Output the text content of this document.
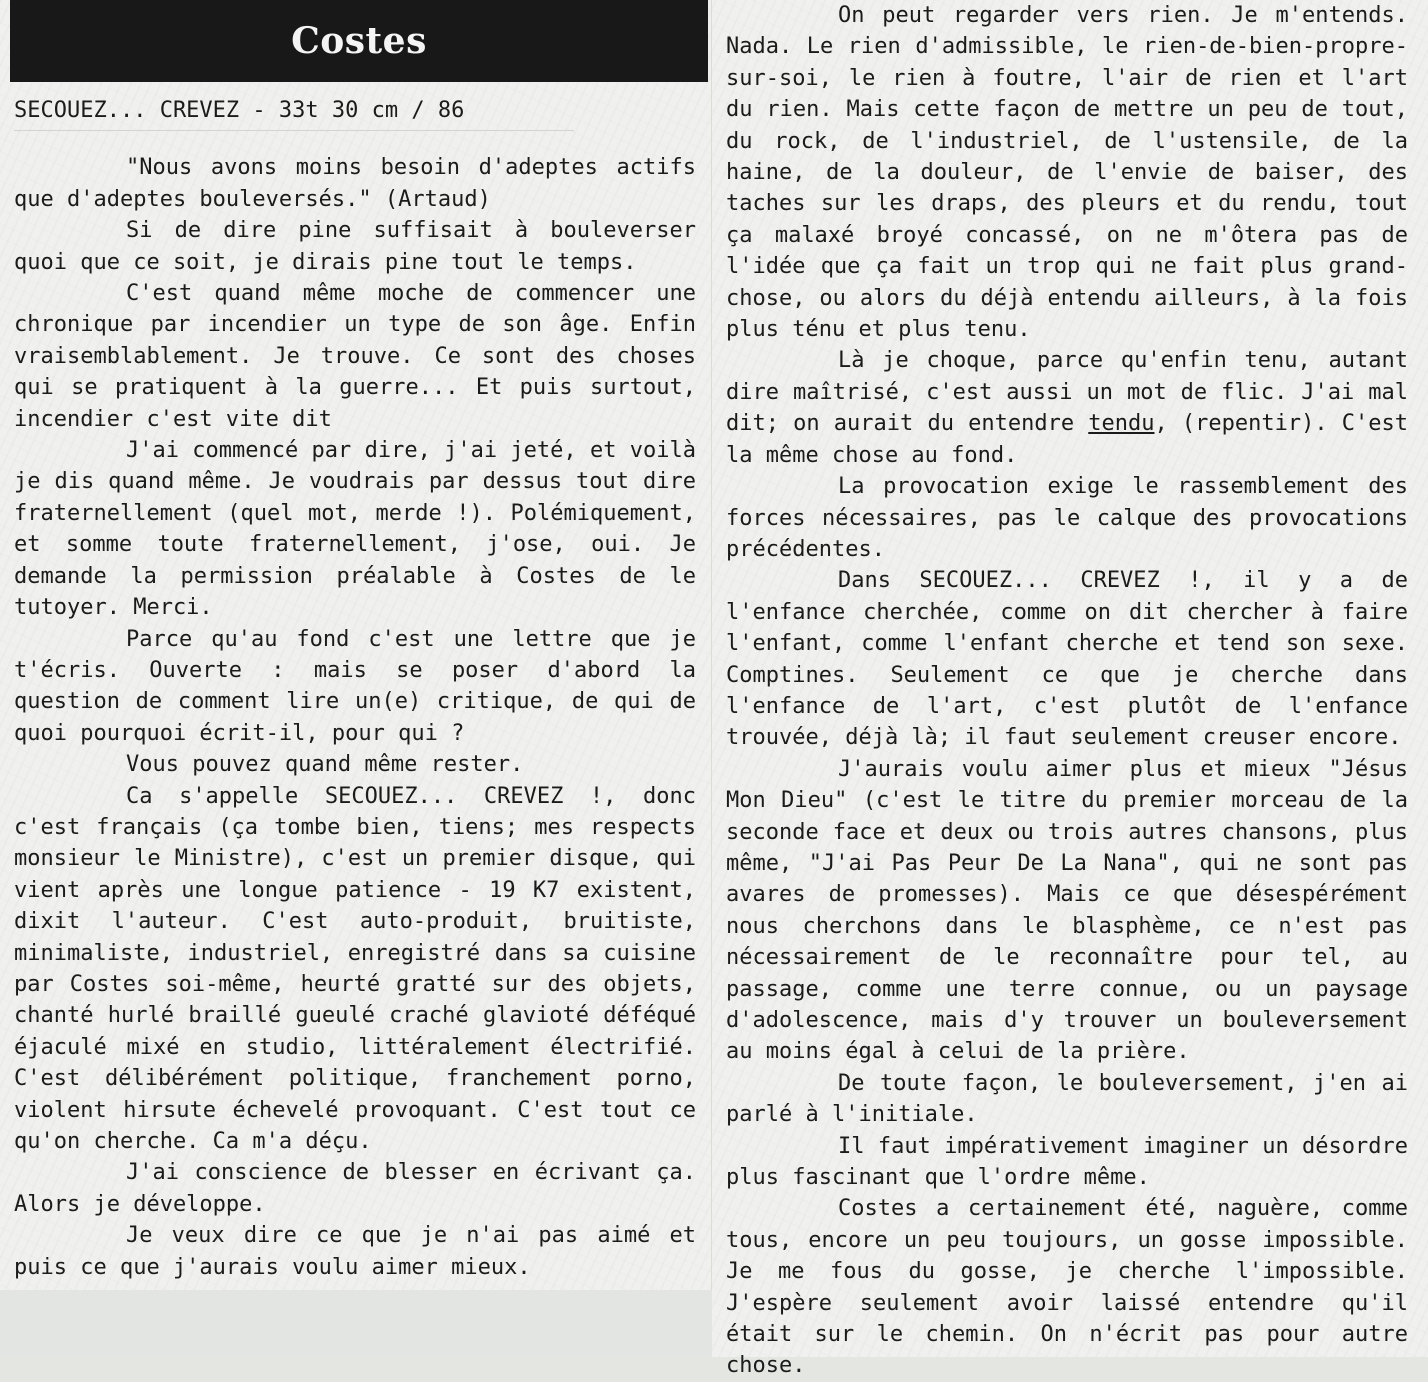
Costes
SECOUEZ... CREVEZ - 33t 30 cm / 86

"Nous avons moins besoin d'adeptes actifs que d'adeptes bouleversés." (Artaud)

Si de dire pine suffisait à bouleverser quoi que ce soit, je dirais pine tout le temps.

C'est quand même moche de commencer une chronique par incendier un type de son âge. Enfin vraisemblablement. Je trouve. Ce sont des choses qui se pratiquent à la guerre... Et puis surtout, incendier c'est vite dit

J'ai commencé par dire, j'ai jeté, et voilà je dis quand même. Je voudrais par dessus tout dire fraternellement (quel mot, merde !). Polémiquement, et somme toute fraternellement, j'ose, oui. Je demande la permission préalable à Costes de le tutoyer. Merci.

Parce qu'au fond c'est une lettre que je t'écris. Ouverte : mais se poser d'abord la question de comment lire un(e) critique, de qui de quoi pourquoi écrit-il, pour qui ?

Vous pouvez quand même rester.

Ca s'appelle SECOUEZ... CREVEZ !, donc c'est français (ça tombe bien, tiens; mes respects monsieur le Ministre), c'est un premier disque, qui vient après une longue patience - 19 K7 existent, dixit l'auteur. C'est auto-produit, bruitiste, minimaliste, industriel, enregistré dans sa cuisine par Costes soi-même, heurté gratté sur des objets, chanté hurlé braillé gueulé craché glavioté déféqué éjaculé mixé en studio, littéralement électrifié. C'est délibérément politique, franchement porno, violent hirsute échevelé provoquant. C'est tout ce qu'on cherche. Ca m'a déçu.

J'ai conscience de blesser en écrivant ça. Alors je développe.

Je veux dire ce que je n'ai pas aimé et puis ce que j'aurais voulu aimer mieux.

On peut regarder vers rien. Je m'entends. Nada. Le rien d'admissible, le rien-de-bien-propre-sur-soi, le rien à foutre, l'air de rien et l'art du rien. Mais cette façon de mettre un peu de tout, du rock, de l'industriel, de l'ustensile, de la haine, de la douleur, de l'envie de baiser, des taches sur les draps, des pleurs et du rendu, tout ça malaxé broyé concassé, on ne m'ôtera pas de l'idée que ça fait un trop qui ne fait plus grand-chose, ou alors du déjà entendu ailleurs, à la fois plus ténu et plus tenu.

Là je choque, parce qu'enfin tenu, autant dire maîtrisé, c'est aussi un mot de flic. J'ai mal dit; on aurait du entendre tendu, (repentir). C'est la même chose au fond.

La provocation exige le rassemblement des forces nécessaires, pas le calque des provocations précédentes.

Dans SECOUEZ... CREVEZ !, il y a de l'enfance cherchée, comme on dit chercher à faire l'enfant, comme l'enfant cherche et tend son sexe. Comptines. Seulement ce que je cherche dans l'enfance de l'art, c'est plutôt de l'enfance trouvée, déjà là; il faut seulement creuser encore.

J'aurais voulu aimer plus et mieux "Jésus Mon Dieu" (c'est le titre du premier morceau de la seconde face et deux ou trois autres chansons, plus même, "J'ai Pas Peur De La Nana", qui ne sont pas avares de promesses). Mais ce que désespérément nous cherchons dans le blasphème, ce n'est pas nécessairement de le reconnaître pour tel, au passage, comme une terre connue, ou un paysage d'adolescence, mais d'y trouver un bouleversement au moins égal à celui de la prière.

De toute façon, le bouleversement, j'en ai parlé à l'initiale.

Il faut impérativement imaginer un désordre plus fascinant que l'ordre même.

Costes a certainement été, naguère, comme tous, encore un peu toujours, un gosse impossible. Je me fous du gosse, je cherche l'impossible. J'espère seulement avoir laissé entendre qu'il était sur le chemin. On n'écrit pas pour autre chose.
